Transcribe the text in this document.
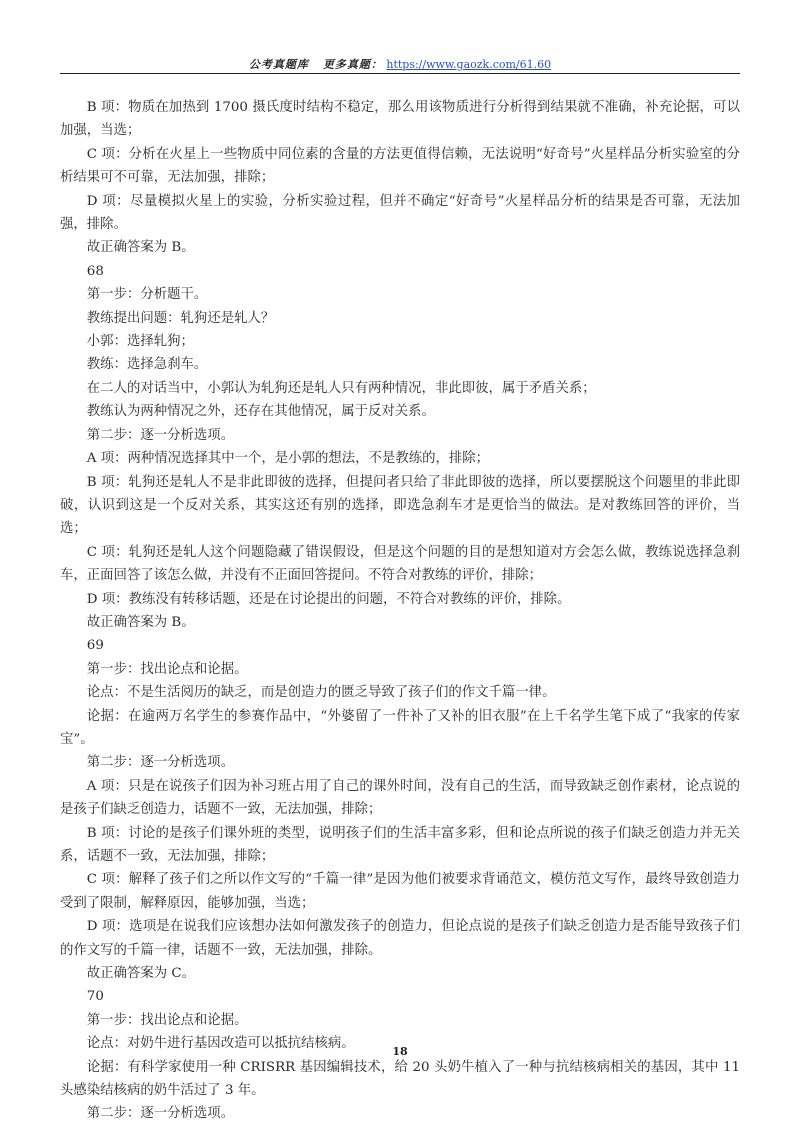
公考真题库 更多真题： https://www.gaozk.com/61.60

B 项：物质在加热到 1700 摄氏度时结构不稳定，那么用该物质进行分析得到结果就不准确，补充论据，可以加强，当选；

C 项：分析在火星上一些物质中同位素的含量的方法更值得信赖，无法说明“好奇号”火星样品分析实验室的分析结果可不可靠，无法加强，排除；

D 项：尽量模拟火星上的实验，分析实验过程，但并不确定“好奇号”火星样品分析的结果是否可靠，无法加强，排除。

故正确答案为 B。

68

第一步：分析题干。

教练提出问题：轧狗还是轧人？

小郭：选择轧狗；

教练：选择急刹车。

在二人的对话当中，小郭认为轧狗还是轧人只有两种情况，非此即彼，属于矛盾关系；

教练认为两种情况之外，还存在其他情况，属于反对关系。

第二步：逐一分析选项。

A 项：两种情况选择其中一个，是小郭的想法，不是教练的，排除；

B 项：轧狗还是轧人不是非此即彼的选择，但提问者只给了非此即彼的选择，所以要摆脱这个问题里的非此即破，认识到这是一个反对关系，其实这还有别的选择，即选急刹车才是更恰当的做法。是对教练回答的评价，当选；

C 项：轧狗还是轧人这个问题隐藏了错误假设，但是这个问题的目的是想知道对方会怎么做，教练说选择急刹车，正面回答了该怎么做，并没有不正面回答提问。不符合对教练的评价，排除；

D 项：教练没有转移话题，还是在讨论提出的问题，不符合对教练的评价，排除。

故正确答案为 B。

69

第一步：找出论点和论据。

论点：不是生活阅历的缺乏，而是创造力的匮乏导致了孩子们的作文千篇一律。

论据：在逾两万名学生的参赛作品中，“外婆留了一件补了又补的旧衣服”在上千名学生笔下成了“我家的传家宝”。

第二步：逐一分析选项。

A 项：只是在说孩子们因为补习班占用了自己的课外时间，没有自己的生活，而导致缺乏创作素材，论点说的是孩子们缺乏创造力，话题不一致，无法加强，排除；

B 项：讨论的是孩子们课外班的类型，说明孩子们的生活丰富多彩，但和论点所说的孩子们缺乏创造力并无关系，话题不一致，无法加强，排除；

C 项：解释了孩子们之所以作文写的“千篇一律”是因为他们被要求背诵范文，模仿范文写作，最终导致创造力受到了限制，解释原因，能够加强，当选；

D 项：选项是在说我们应该想办法如何激发孩子的创造力，但论点说的是孩子们缺乏创造力是否能导致孩子们的作文写的千篇一律，话题不一致，无法加强，排除。

故正确答案为 C。

70

第一步：找出论点和论据。

论点：对奶牛进行基因改造可以抵抗结核病。

论据：有科学家使用一种 CRISRR 基因编辑技术，给 20 头奶牛植入了一种与抗结核病相关的基因，其中 11 头感染结核病的奶牛活过了 3 年。

第二步：逐一分析选项。

18
